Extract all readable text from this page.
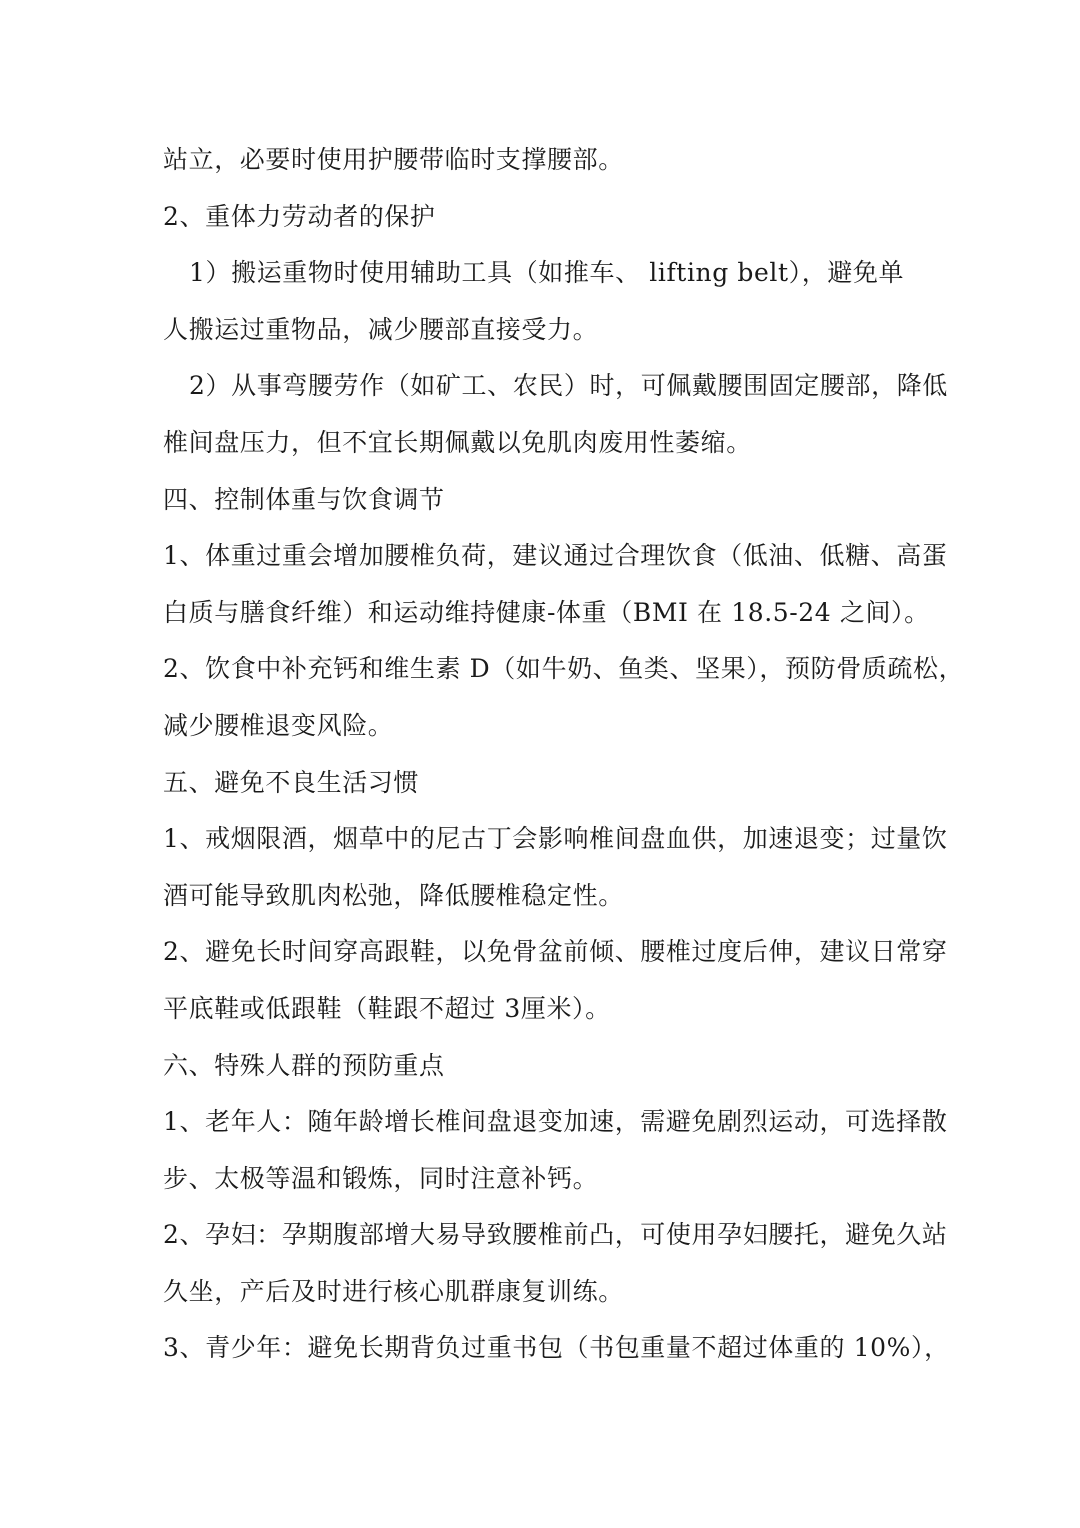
站立，必要时使用护腰带临时支撑腰部。
2、重体力劳动者的保护
1）搬运重物时使用辅助工具（如推车、 lifting belt），避免单
人搬运过重物品，减少腰部直接受力。
2）从事弯腰劳作（如矿工、农民）时，可佩戴腰围固定腰部，降低
椎间盘压力，但不宜长期佩戴以免肌肉废用性萎缩。
四、控制体重与饮食调节
1、体重过重会增加腰椎负荷，建议通过合理饮食（低油、低糖、高蛋
白质与膳食纤维）和运动维持健康-体重（BMI 在 18.5-24 之间）。
2、饮食中补充钙和维生素 D（如牛奶、鱼类、坚果），预防骨质疏松，
减少腰椎退变风险。
五、避免不良生活习惯
1、戒烟限酒，烟草中的尼古丁会影响椎间盘血供，加速退变；过量饮
酒可能导致肌肉松弛，降低腰椎稳定性。
2、避免长时间穿高跟鞋，以免骨盆前倾、腰椎过度后伸，建议日常穿
平底鞋或低跟鞋（鞋跟不超过 3厘米）。
六、特殊人群的预防重点
1、老年人：随年龄增长椎间盘退变加速，需避免剧烈运动，可选择散
步、太极等温和锻炼，同时注意补钙。
2、孕妇：孕期腹部增大易导致腰椎前凸，可使用孕妇腰托，避免久站
久坐，产后及时进行核心肌群康复训练。
3、青少年：避免长期背负过重书包（书包重量不超过体重的 10%），
